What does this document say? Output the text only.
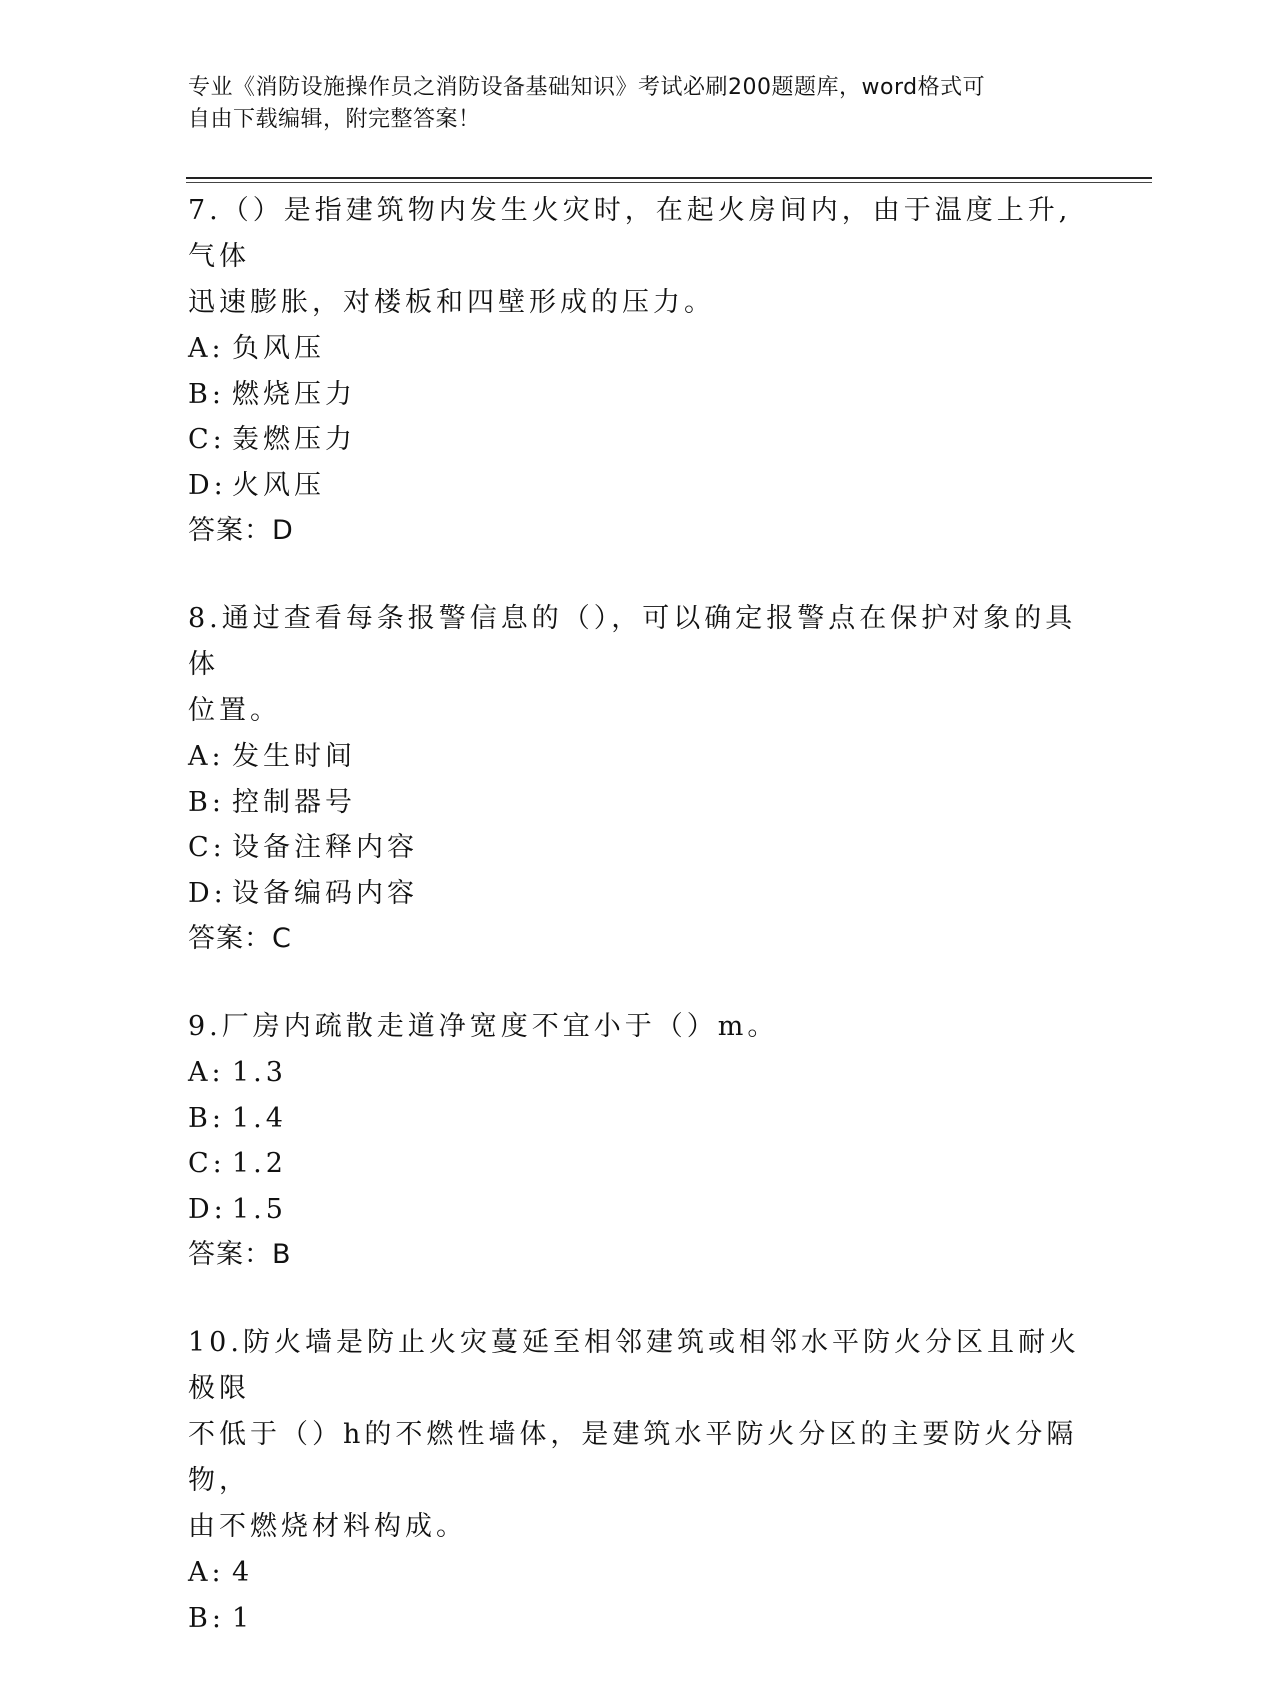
专业《消防设施操作员之消防设备基础知识》考试必刷200题题库，word格式可
自由下载编辑，附完整答案！

7.（）是指建筑物内发生火灾时，在起火房间内，由于温度上升,气体

迅速膨胀，对楼板和四壁形成的压力。

A: 负风压

B: 燃烧压力

C: 轰燃压力

D: 火风压

答案：D

8.通过查看每条报警信息的（），可以确定报警点在保护对象的具体

位置。

A: 发生时间

B: 控制器号

C: 设备注释内容

D: 设备编码内容

答案：C

9.厂房内疏散走道净宽度不宜小于（）m。

A: 1.3

B: 1.4

C: 1.2

D: 1.5

答案：B

10.防火墙是防止火灾蔓延至相邻建筑或相邻水平防火分区且耐火极限

不低于（）h的不燃性墙体，是建筑水平防火分区的主要防火分隔物，

由不燃烧材料构成。

A: 4

B: 1
